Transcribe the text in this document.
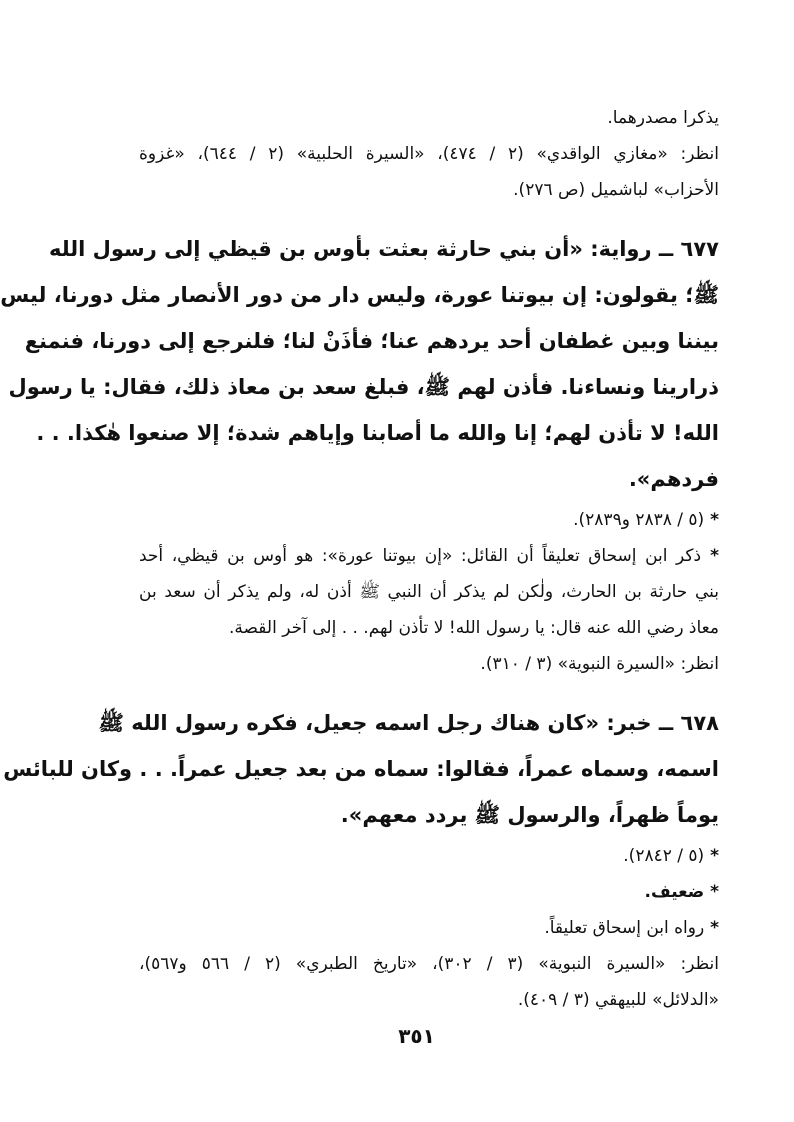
يذكرا مصدرهما.
انظر: «مغازي الواقدي» (٢ / ٤٧٤)، «السيرة الحلبية» (٢ / ٦٤٤)، «غزوة
الأحزاب» لباشميل (ص ٢٧٦).
٦٧٧ ــ رواية: «أن بني حارثة بعثت بأوس بن قيظي إلى رسول الله
ﷺ؛ يقولون: إن بيوتنا عورة، وليس دار من دور الأنصار مثل دورنا، ليس
بيننا وبين غطفان أحد يردهم عنا؛ فأذَنْ لنا؛ فلنرجع إلى دورنا، فنمنع
ذرارينا ونساءنا. فأذن لهم ﷺ، فبلغ سعد بن معاذ ذلك، فقال: يا رسول
الله! لا تأذن لهم؛ إنا والله ما أصابنا وإياهم شدة؛ إلا صنعوا هٰكذا. . .
فردهم».
* (٥ / ٢٨٣٨ و٢٨٣٩).
* ذكر ابن إسحاق تعليقاً أن القائل: «إن بيوتنا عورة»: هو أوس بن قيظي، أحد
بني حارثة بن الحارث، ولٰكن لم يذكر أن النبي ﷺ أذن له، ولم يذكر أن سعد بن
معاذ رضي الله عنه قال: يا رسول الله! لا تأذن لهم. . . إلى آخر القصة.
انظر: «السيرة النبوية» (٣ / ٣١٠).
٦٧٨ ــ خبر: «كان هناك رجل اسمه جعيل، فكره رسول الله ﷺ
اسمه، وسماه عمراً، فقالوا: سماه من بعد جعيل عمراً. . . وكان للبائس
يوماً ظهراً، والرسول ﷺ يردد معهم».
* (٥ / ٢٨٤٢).
* ضعيف.
* رواه ابن إسحاق تعليقاً.
انظر: «السيرة النبوية» (٣ / ٣٠٢)، «تاريخ الطبري» (٢ / ٥٦٦ و٥٦٧)،
«الدلائل» للبيهقي (٣ / ٤٠٩).
٣٥١
